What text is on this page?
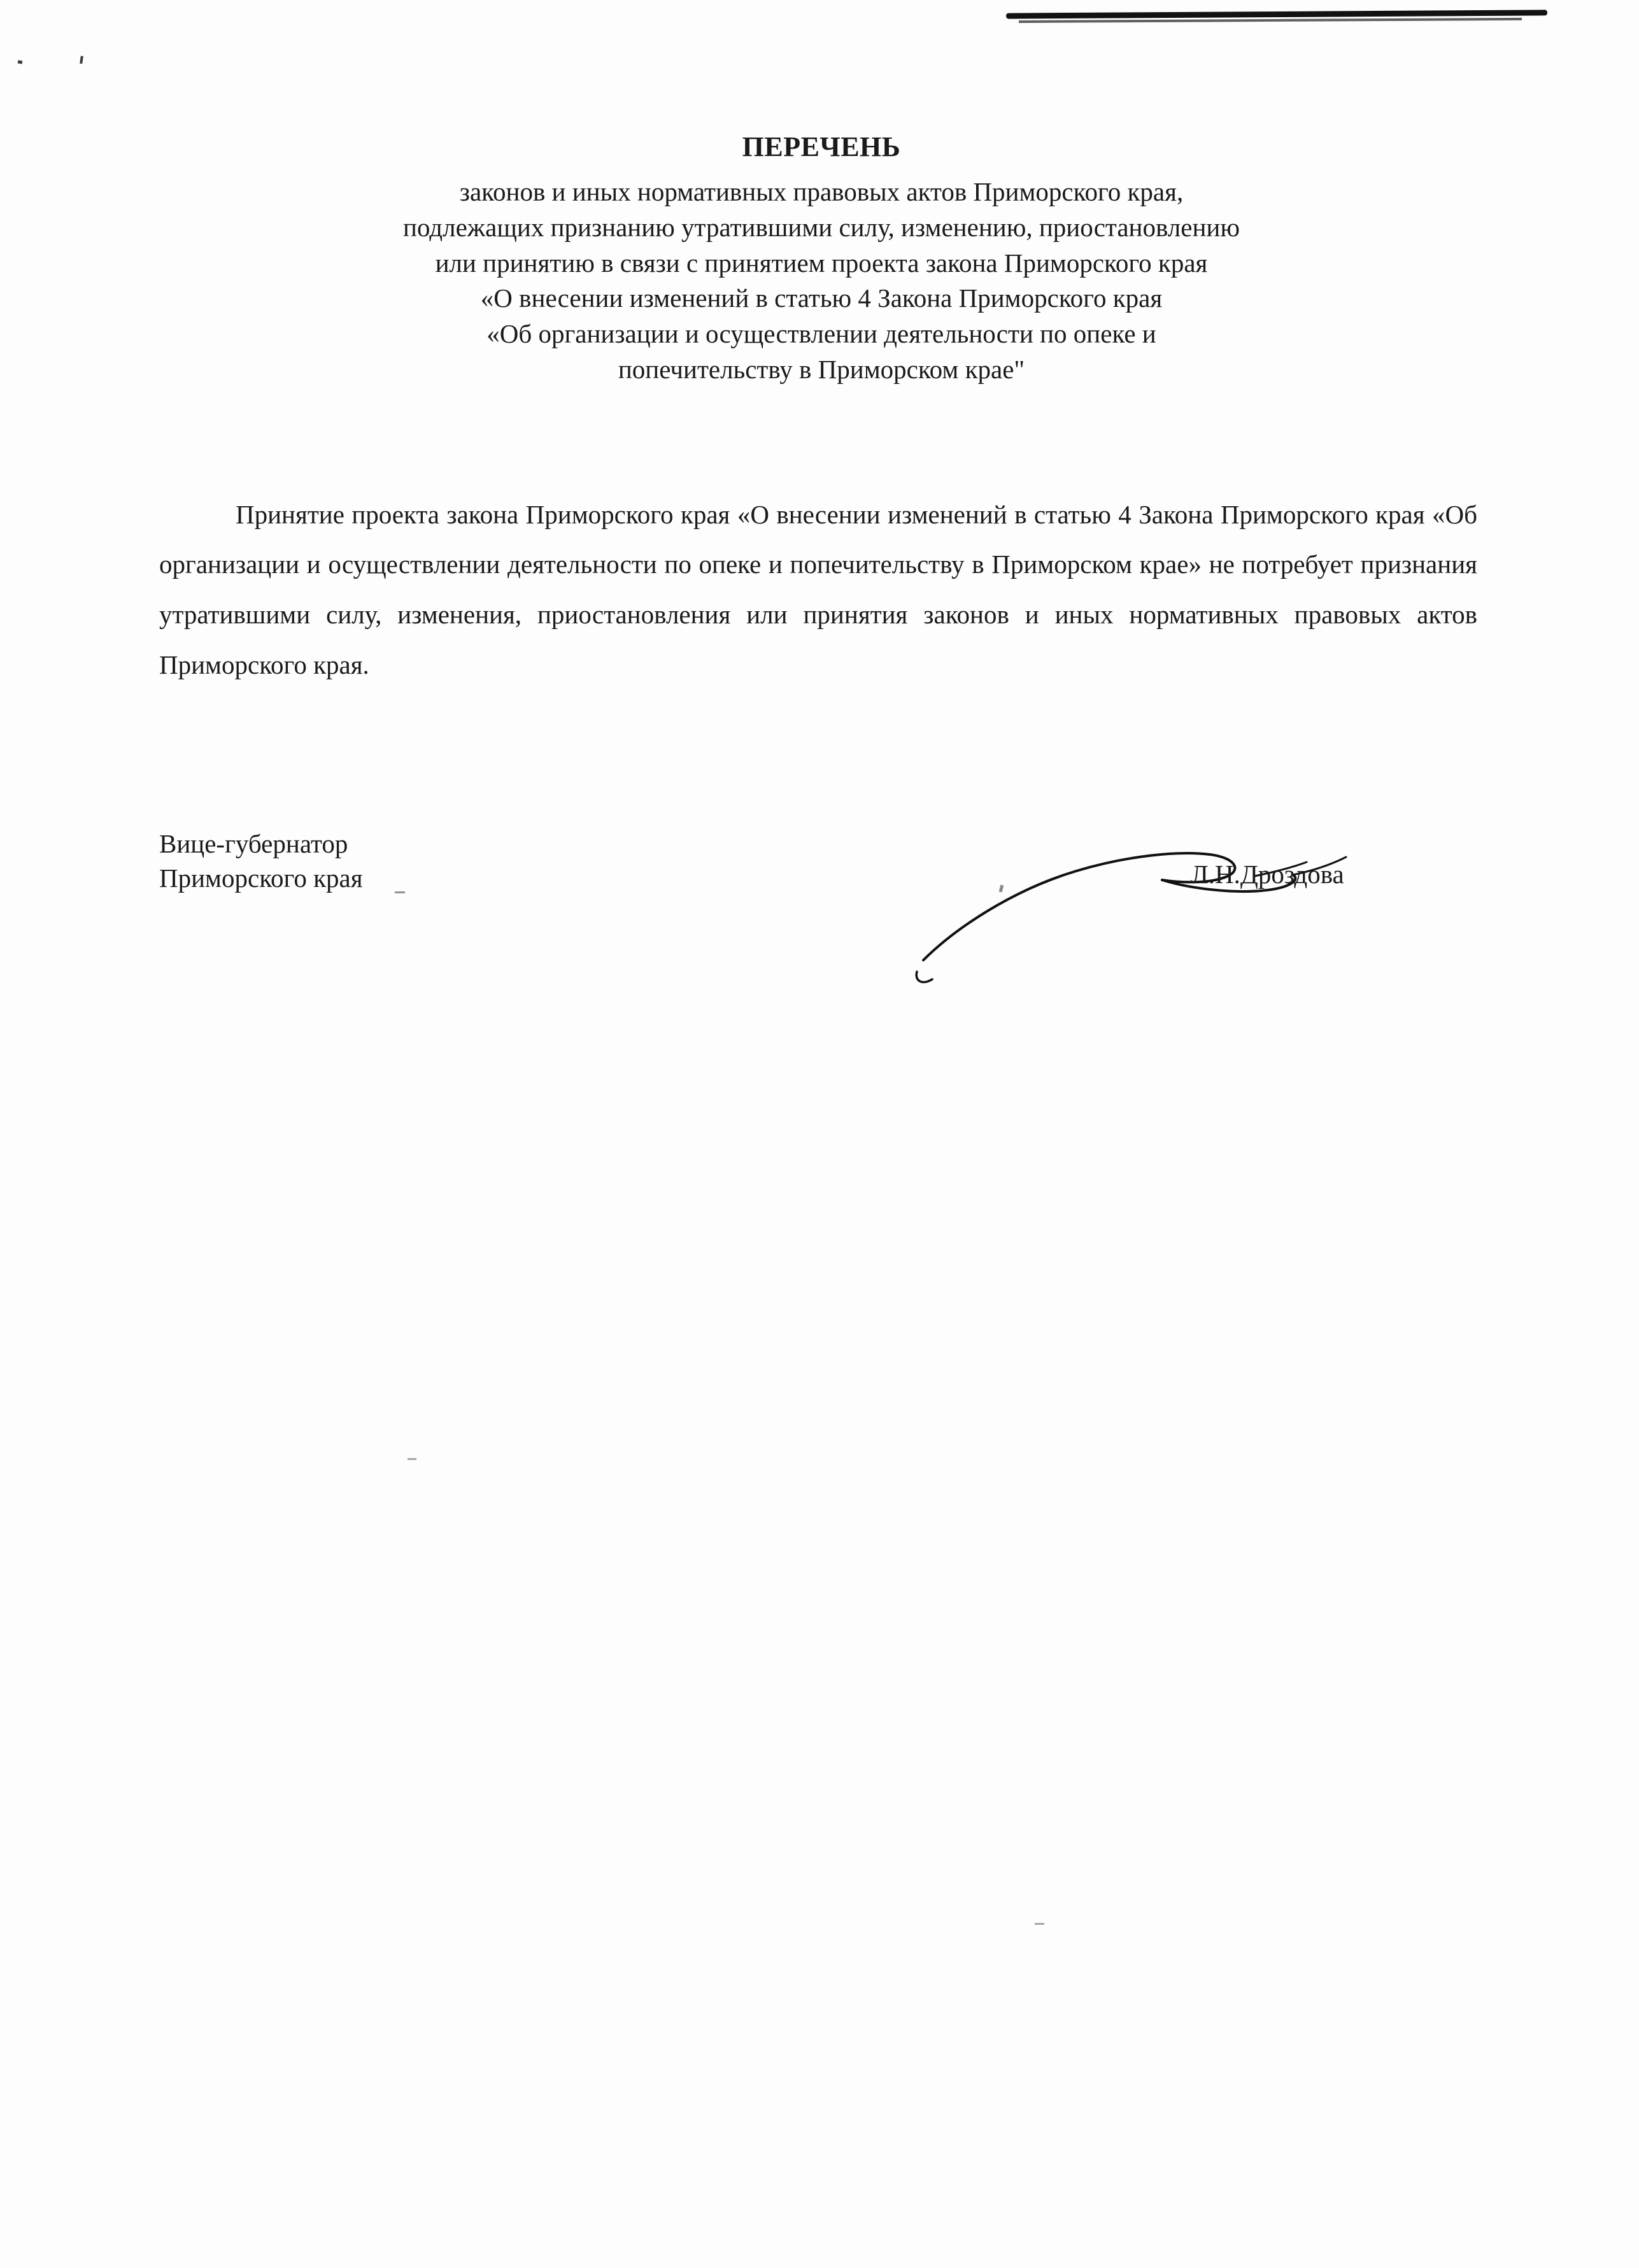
ПЕРЕЧЕНЬ
законов и иных нормативных правовых актов Приморского края,
подлежащих признанию утратившими силу, изменению, приостановлению
или принятию в связи с принятием проекта закона Приморского края
«О внесении изменений в статью 4 Закона Приморского края
«Об организации и осуществлении деятельности по опеке и
попечительству в Приморском крае"
Принятие проекта закона Приморского края «О внесении изменений в статью 4 Закона Приморского края «Об организации и осуществлении деятельности по опеке и попечительству в Приморском крае» не потребует признания утратившими силу, изменения, приостановления или принятия законов и иных нормативных правовых актов Приморского края.
Вице-губернатор
Приморского края	Л.Н.Дроздова
